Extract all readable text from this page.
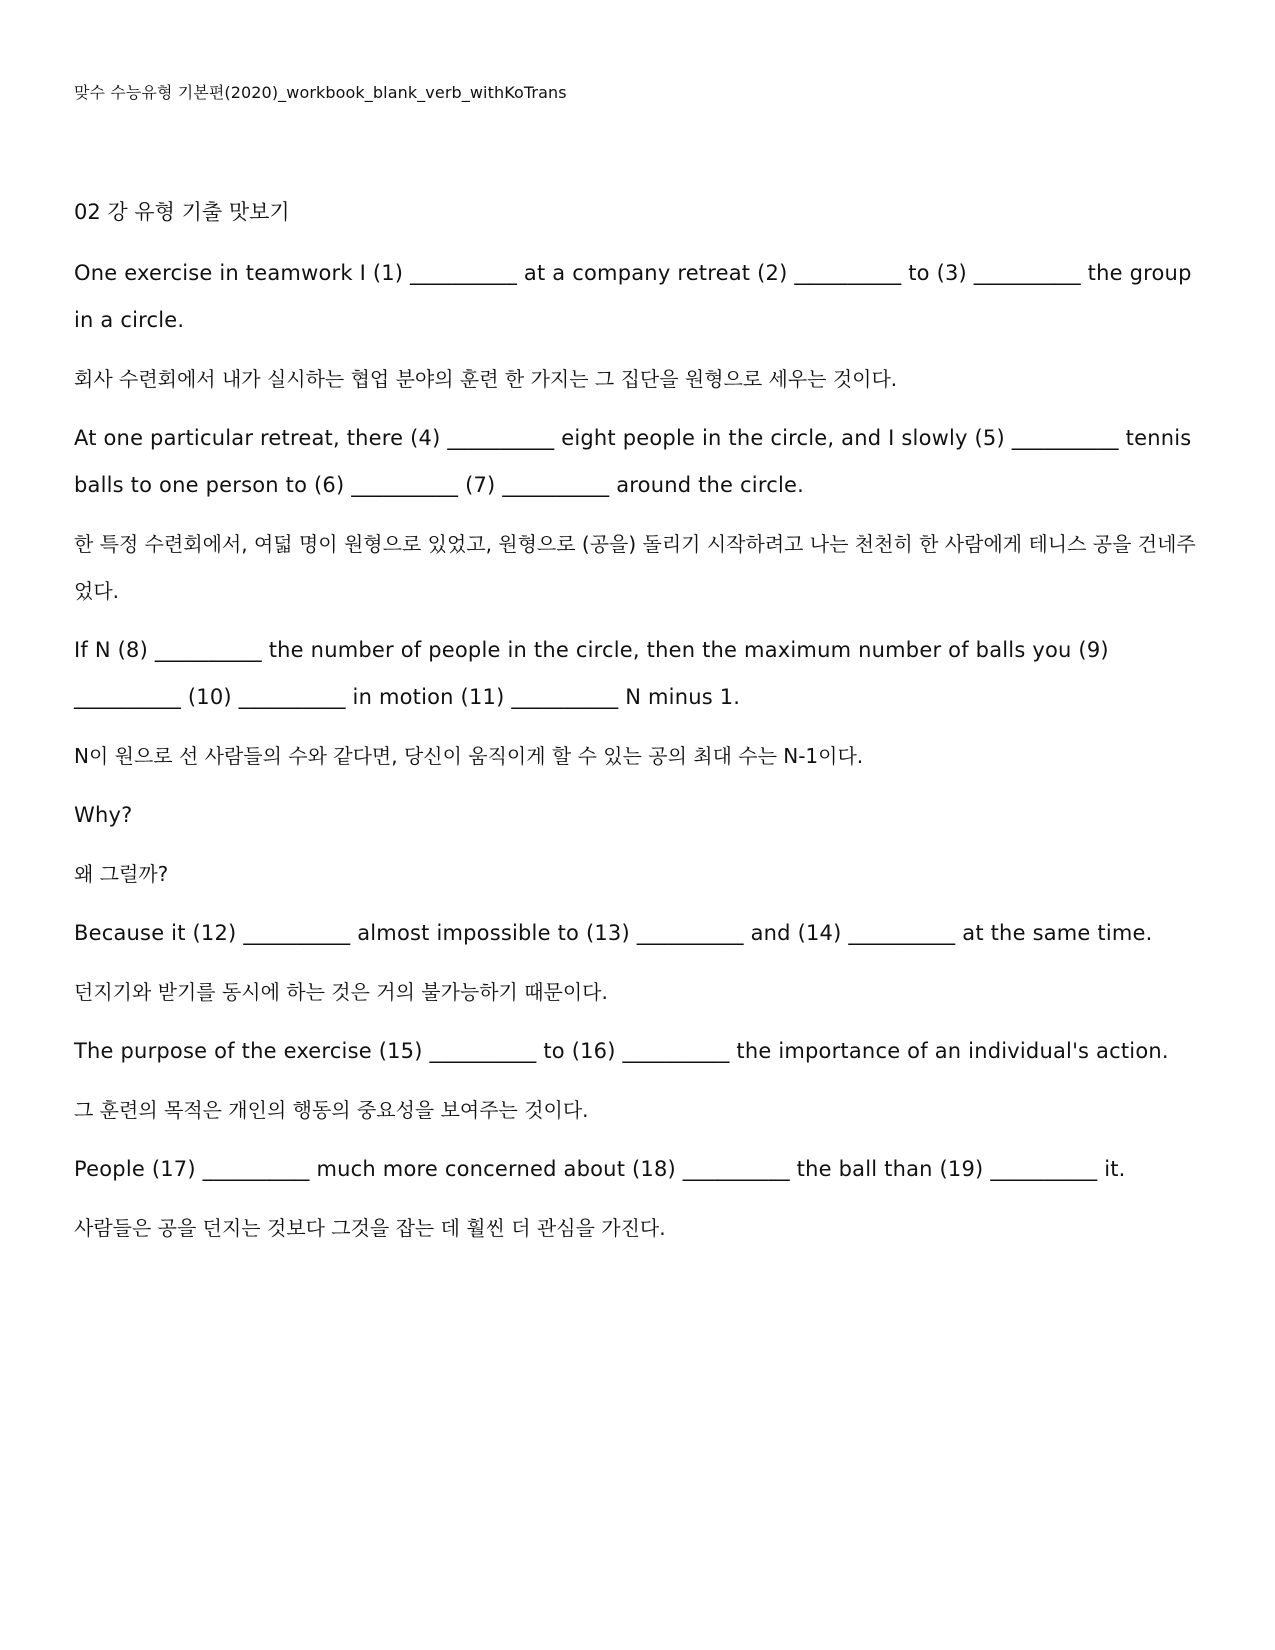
맞수 수능유형 기본편(2020)_workbook_blank_verb_withKoTrans
02 강 유형 기출 맛보기

One exercise in teamwork I (1) __________ at a company retreat (2) __________ to (3) __________ the group in a circle.

회사 수련회에서 내가 실시하는 협업 분야의 훈련 한 가지는 그 집단을 원형으로 세우는 것이다.

At one particular retreat, there (4) __________ eight people in the circle, and I slowly (5) __________ tennis balls to one person to (6) __________ (7) __________ around the circle.

한 특정 수련회에서, 여덟 명이 원형으로 있었고, 원형으로 (공을) 돌리기 시작하려고 나는 천천히 한 사람에게 테니스 공을 건네주었다.

If N (8) __________ the number of people in the circle, then the maximum number of balls you (9) __________ (10) __________ in motion (11) __________ N minus 1.

N이 원으로 선 사람들의 수와 같다면, 당신이 움직이게 할 수 있는 공의 최대 수는 N-1이다.

Why?

왜 그럴까?

Because it (12) __________ almost impossible to (13) __________ and (14) __________ at the same time.

던지기와 받기를 동시에 하는 것은 거의 불가능하기 때문이다.

The purpose of the exercise (15) __________ to (16) __________ the importance of an individual's action.

그 훈련의 목적은 개인의 행동의 중요성을 보여주는 것이다.

People (17) __________ much more concerned about (18) __________ the ball than (19) __________ it.

사람들은 공을 던지는 것보다 그것을 잡는 데 훨씬 더 관심을 가진다.
